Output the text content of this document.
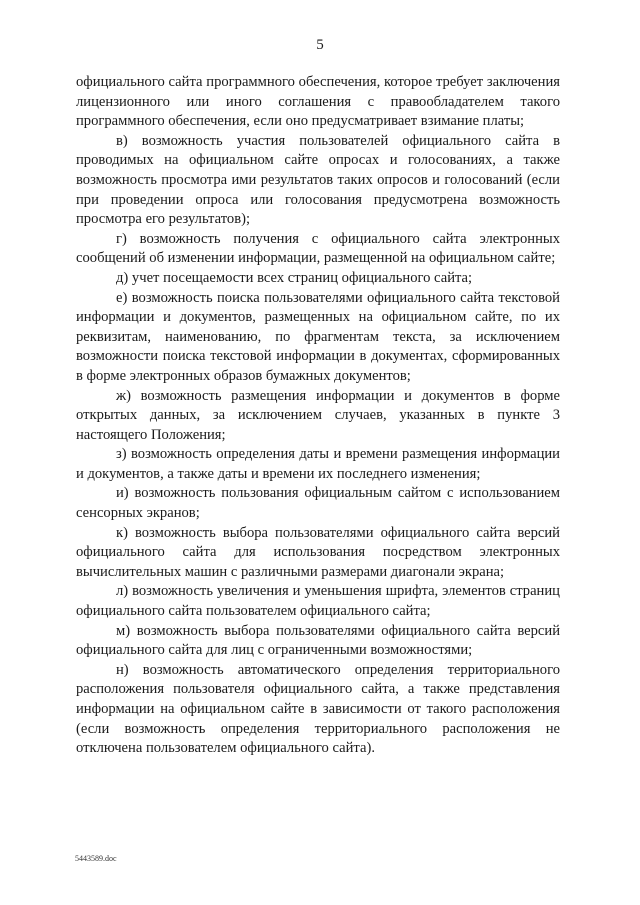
5

официального сайта программного обеспечения, которое требует заключения лицензионного или иного соглашения с правообладателем такого программного обеспечения, если оно предусматривает взимание платы;

в) возможность участия пользователей официального сайта в проводимых на официальном сайте опросах и голосованиях, а также возможность просмотра ими результатов таких опросов и голосований (если при проведении опроса или голосования предусмотрена возможность просмотра его результатов);

г) возможность получения с официального сайта электронных сообщений об изменении информации, размещенной на официальном сайте;

д) учет посещаемости всех страниц официального сайта;

е) возможность поиска пользователями официального сайта текстовой информации и документов, размещенных на официальном сайте, по их реквизитам, наименованию, по фрагментам текста, за исключением возможности поиска текстовой информации в документах, сформированных в форме электронных образов бумажных документов;

ж) возможность размещения информации и документов в форме открытых данных, за исключением случаев, указанных в пункте 3 настоящего Положения;

з) возможность определения даты и времени размещения информации и документов, а также даты и времени их последнего изменения;

и) возможность пользования официальным сайтом с использованием сенсорных экранов;

к) возможность выбора пользователями официального сайта версий официального сайта для использования посредством электронных вычислительных машин с различными размерами диагонали экрана;

л) возможность увеличения и уменьшения шрифта, элементов страниц официального сайта пользователем официального сайта;

м) возможность выбора пользователями официального сайта версий официального сайта для лиц с ограниченными возможностями;

н) возможность автоматического определения территориального расположения пользователя официального сайта, а также представления информации на официальном сайте в зависимости от такого расположения (если возможность определения территориального расположения не отключена пользователем официального сайта).

5443589.doc
